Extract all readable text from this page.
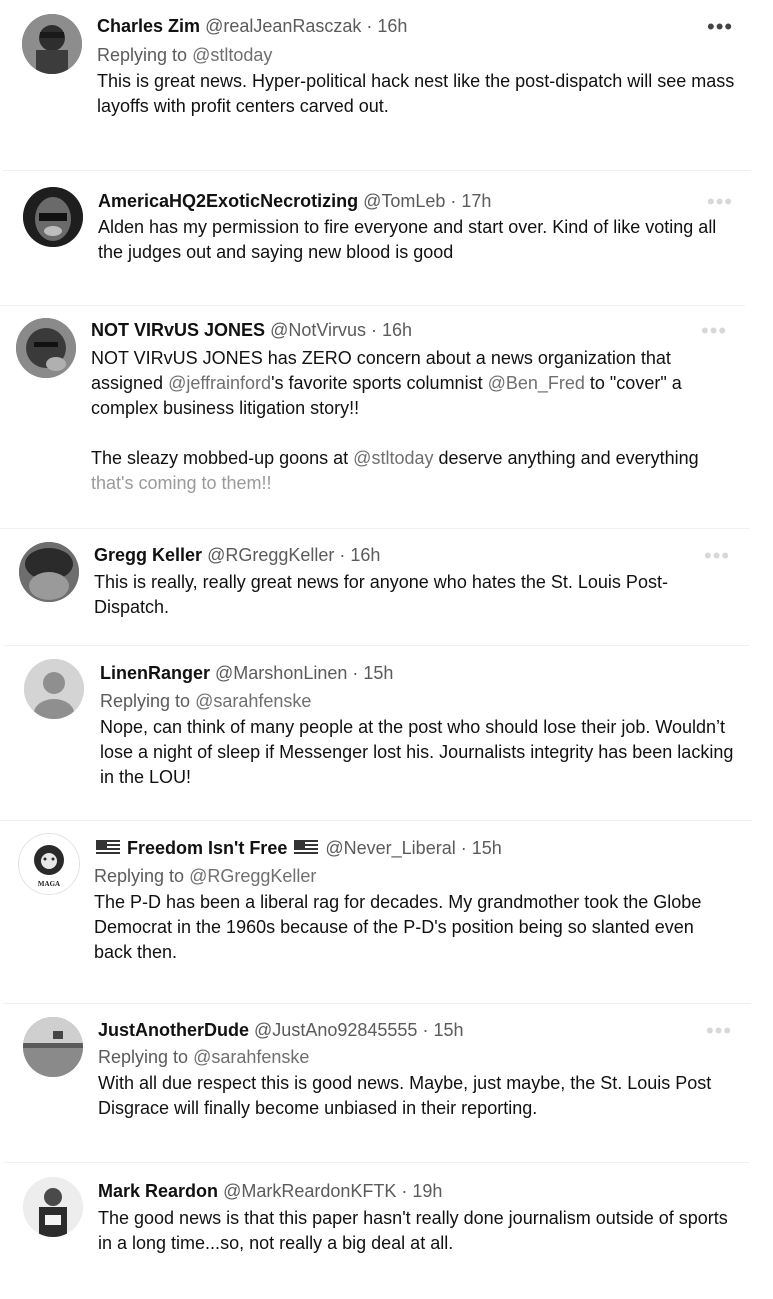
Charles Zim @realJeanRasczak · 16h	•••
Replying to @stltoday
This is great news. Hyper-political hack nest like the post-dispatch will see mass layoffs with profit centers carved out.
AmericaHQ2ExoticNecrotizing @TomLeb · 17h	•••
Alden has my permission to fire everyone and start over. Kind of like voting all the judges out and saying new blood is good
NOT VIRvUS JONES @NotVirvus · 16h	•••
NOT VIRvUS JONES has ZERO concern about a news organization that assigned @jeffrainford's favorite sports columnist @Ben_Fred to "cover" a complex business litigation story!!
The sleazy mobbed-up goons at @stltoday deserve anything and everything
that's coming to them!!
Gregg Keller @RGreggKeller · 16h	•••
This is really, really great news for anyone who hates the St. Louis Post-Dispatch.
LinenRanger @MarshonLinen · 15h
Replying to @sarahfenske
Nope, can think of many people at the post who should lose their job. Wouldn’t lose a night of sleep if Messenger lost his. Journalists integrity has been lacking in the LOU!
MAGA
Freedom Isn't Free @Never_Liberal · 15h
Replying to @RGreggKeller
The P-D has been a liberal rag for decades. My grandmother took the Globe Democrat in the 1960s because of the P-D's position being so slanted even back then.
JustAnotherDude @JustAno92845555 · 15h	•••
Replying to @sarahfenske
With all due respect this is good news. Maybe, just maybe, the St. Louis Post Disgrace will finally become unbiased in their reporting.
Mark Reardon @MarkReardonKFTK · 19h
The good news is that this paper hasn't really done journalism outside of sports in a long time...so, not really a big deal at all.
